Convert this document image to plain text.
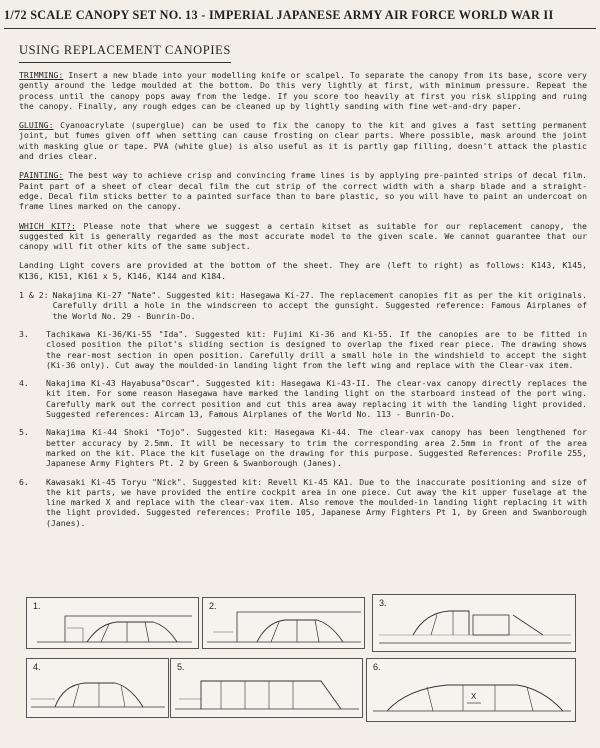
1/72 SCALE CANOPY SET NO. 13 - IMPERIAL JAPANESE ARMY AIR FORCE WORLD WAR II
USING REPLACEMENT CANOPIES

TRIMMING: Insert a new blade into your modelling knife or scalpel. To separate the canopy from its base, score very gently around the ledge moulded at the bottom. Do this very lightly at first, with minimum pressure. Repeat the process until the canopy pops away from the ledge. If you score too heavily at first you risk slipping and ruing the canopy. Finally, any rough edges can be cleaned up by lightly sanding with fine wet-and-dry paper.

GLUING: Cyanoacrylate (superglue) can be used to fix the canopy to the kit and gives a fast setting permanent joint, but fumes given off when setting can cause frosting on clear parts. Where possible, mask around the joint with masking glue or tape. PVA (white glue) is also useful as it is partly gap filling, doesn't attack the plastic and dries clear.

PAINTING: The best way to achieve crisp and convincing frame lines is by applying pre-painted strips of decal film. Paint part of a sheet of clear decal film the cut strip of the correct width with a sharp blade and a straight-edge. Decal film sticks better to a painted surface than to bare plastic, so you will have to paint an undercoat on frame lines marked on the canopy.

WHICH KIT?: Please note that where we suggest a certain kitset as suitable for our replacement canopy, the suggested kit is generally regarded as the most accurate model to the given scale. We cannot guarantee that our canopy will fit other kits of the same subject.

Landing Light covers are provided at the bottom of the sheet. They are (left to right) as follows: K143, K145, K136, K151, K161 x 5, K146, K144 and K184.

1 & 2: Nakajima Ki-27 "Nate". Suggested kit: Hasegawa Ki-27. The replacement canopies fit as per the kit originals. Carefully drill a hole in the windscreen to accept the gunsight. Suggested reference: Famous Airplanes of the World No. 29 - Bunrin-Do.
3.	Tachikawa Ki-36/Ki-55 "Ida". Suggested kit: Fujimi Ki-36 and Ki-55. If the canopies are to be fitted in closed position the pilot's sliding section is designed to overlap the fixed rear piece. The drawing shows the rear-most section in open position. Carefully drill a small hole in the windshield to accept the sight (Ki-36 only). Cut away the moulded-in landing light from the left wing and replace with the Clear-vax item.
4.	Nakajima Ki-43 Hayabusa"Oscar". Suggested kit: Hasegawa Ki-43-II. The clear-vax canopy directly replaces the kit item. For some reason Hasegawa have marked the landing light on the starboard instead of the port wing. Carefully mark out the correct position and cut this area away replacing it with the landing light provided. Suggested references: Aircam 13, Famous Airplanes of the World No. 113 - Bunrin-Do.
5.	Nakajima Ki-44 Shoki "Tojo". Suggested kit: Hasegawa Ki-44. The clear-vax canopy has been lengthened for better accuracy by 2.5mm. It will be necessary to trim the corresponding area 2.5mm in front of the area marked on the kit. Place the kit fuselage on the drawing for this purpose. Suggested References: Profile 255, Japanese Army Fighters Pt. 2 by Green & Swanborough (Janes).
6.	Kawasaki Ki-45 Toryu "Nick". Suggested kit: Revell Ki-45 KA1. Due to the inaccurate positioning and size of the kit parts, we have provided the entire cockpit area in one piece. Cut away the kit upper fuselage at the line marked X and replace with the clear-vax item. Also remove the moulded-in landing light replacing it with the light provided. Suggested references: Profile 105, Japanese Army Fighters Pt 1, by Green and Swanborough (Janes).
1.	2.	3.
4.	5.	6.
X
